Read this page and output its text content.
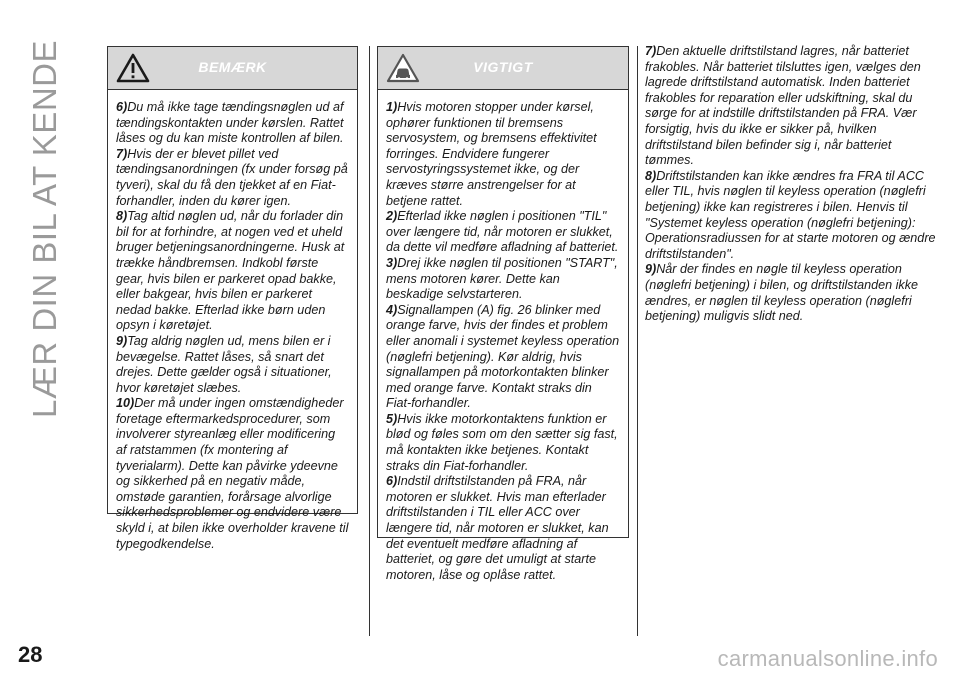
LÆR DIN BIL AT KENDE	BEMÆRK
6)Du må ikke tage tændingsnøglen ud af tændingskontakten under kørslen. Rattet låses og du kan miste kontrollen af bilen.
7)Hvis der er blevet pillet ved tændingsanordningen (fx under forsøg på tyveri), skal du få den tjekket af en Fiat-forhandler, inden du kører igen.
8)Tag altid nøglen ud, når du forlader din bil for at forhindre, at nogen ved et uheld bruger betjeningsanordningerne. Husk at trække håndbremsen. Indkobl første gear, hvis bilen er parkeret opad bakke, eller bakgear, hvis bilen er parkeret nedad bakke. Efterlad ikke børn uden opsyn i køretøjet.
9)Tag aldrig nøglen ud, mens bilen er i bevægelse. Rattet låses, så snart det drejes. Dette gælder også i situationer, hvor køretøjet slæbes.
10)Der må under ingen omstændigheder foretage eftermarkedsprocedurer, som involverer styreanlæg eller modificering af ratstammen (fx montering af tyverialarm). Dette kan påvirke ydeevne og sikkerhed på en negativ måde, omstøde garantien, forårsage alvorlige sikkerhedsproblemer og endvidere være skyld i, at bilen ikke overholder kravene til typegodkendelse.
VIGTIGT
1)Hvis motoren stopper under kørsel, ophører funktionen til bremsens servosystem, og bremsens effektivitet forringes. Endvidere fungerer servostyringssystemet ikke, og der kræves større anstrengelser for at betjene rattet.
2)Efterlad ikke nøglen i positionen "TIL" over længere tid, når motoren er slukket, da dette vil medføre afladning af batteriet.
3)Drej ikke nøglen til positionen "START", mens motoren kører. Dette kan beskadige selvstarteren.
4)Signallampen (A) fig. 26 blinker med orange farve, hvis der findes et problem eller anomali i systemet keyless operation (nøglefri betjening). Kør aldrig, hvis signallampen på motorkontakten blinker med orange farve. Kontakt straks din Fiat-forhandler.
5)Hvis ikke motorkontaktens funktion er blød og føles som om den sætter sig fast, må kontakten ikke betjenes. Kontakt straks din Fiat-forhandler.
6)Indstil driftstilstanden på FRA, når motoren er slukket. Hvis man efterlader driftstilstanden i TIL eller ACC over længere tid, når motoren er slukket, kan det eventuelt medføre afladning af batteriet, og gøre det umuligt at starte motoren, låse og oplåse rattet.
7)Den aktuelle driftstilstand lagres, når batteriet frakobles. Når batteriet tilsluttes igen, vælges den lagrede driftstilstand automatisk. Inden batteriet frakobles for reparation eller udskiftning, skal du sørge for at indstille driftstilstanden på FRA. Vær forsigtig, hvis du ikke er sikker på, hvilken driftstilstand bilen befinder sig i, når batteriet tømmes.
8)Driftstilstanden kan ikke ændres fra FRA til ACC eller TIL, hvis nøglen til keyless operation (nøglefri betjening) ikke kan registreres i bilen. Henvis til "Systemet keyless operation (nøglefri betjening): Operationsradiussen for at starte motoren og ændre driftstilstanden".
9)Når der findes en nøgle til keyless operation (nøglefri betjening) i bilen, og driftstilstanden ikke ændres, er nøglen til keyless operation (nøglefri betjening) muligvis slidt ned.
28	carmanualsonline.info
